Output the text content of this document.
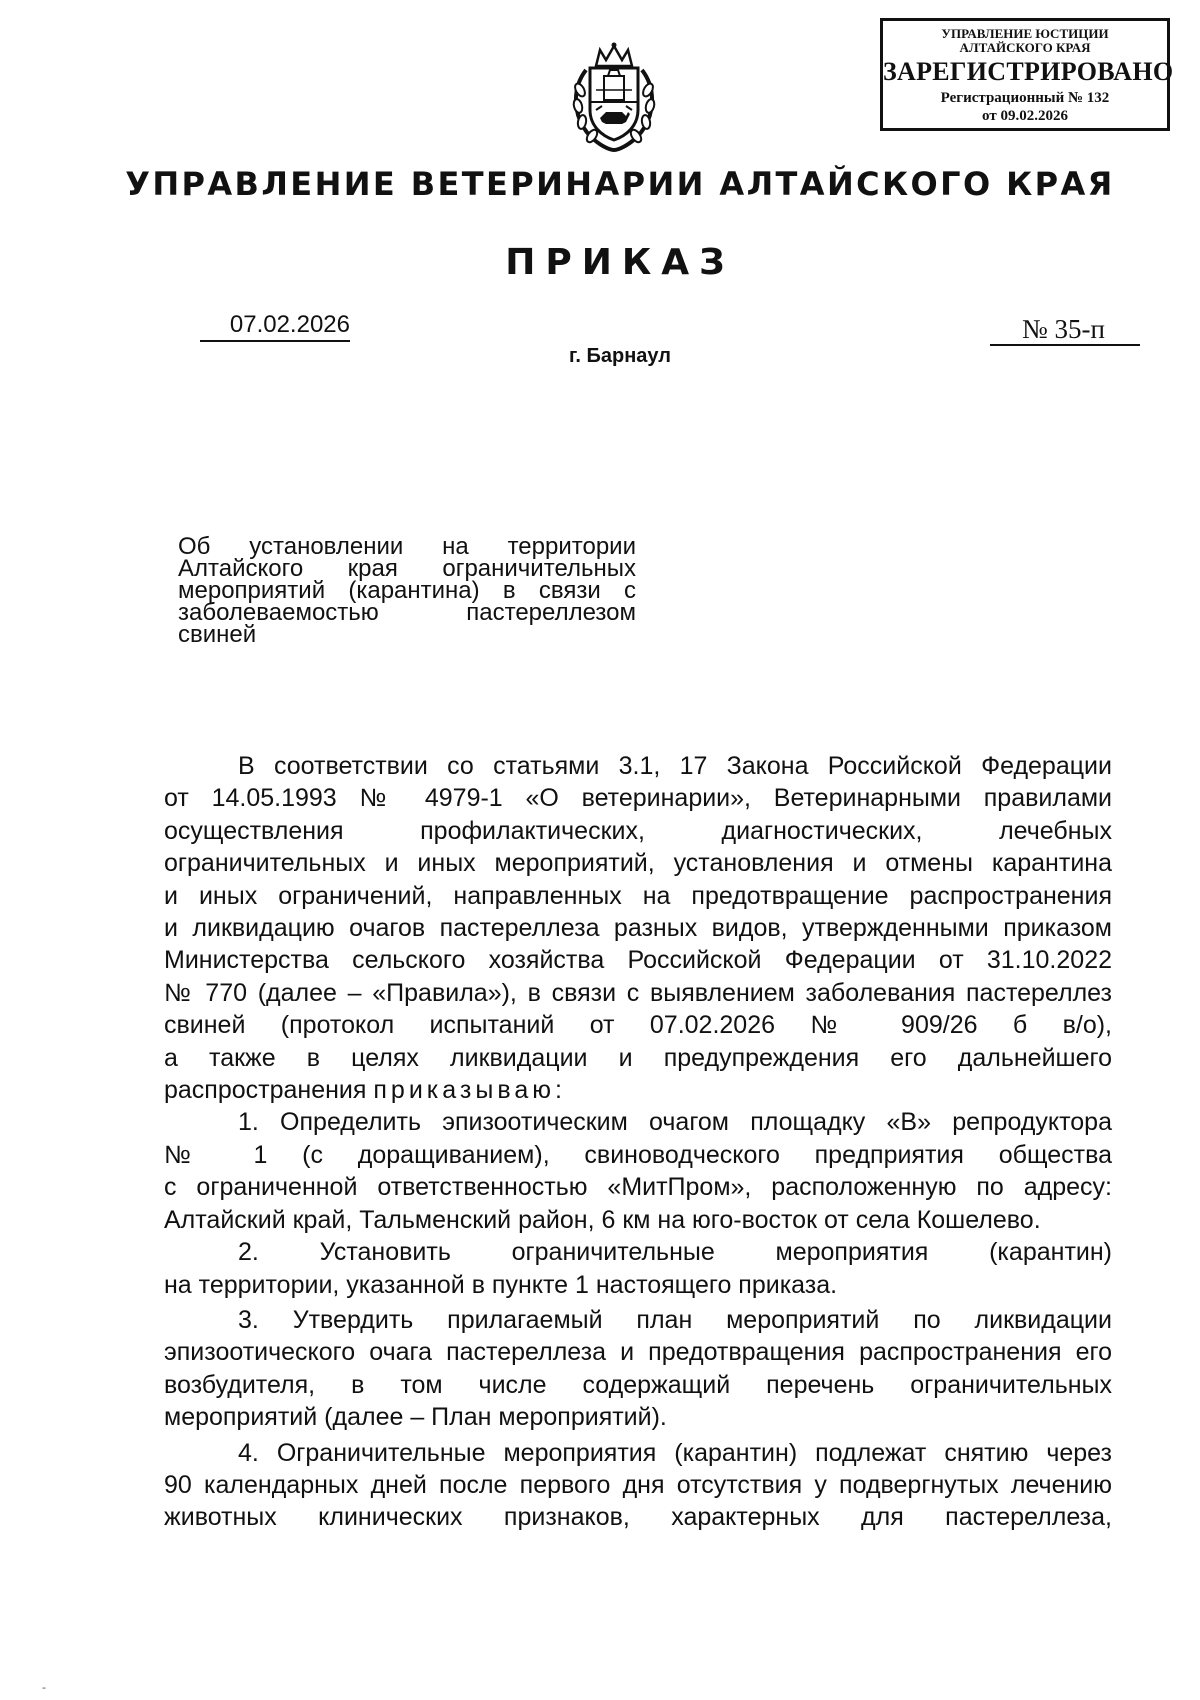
УПРАВЛЕНИЕ ЮСТИЦИИ
АЛТАЙСКОГО КРАЯ
ЗАРЕГИСТРИРОВАНО
Регистрационный № 132
от 09.02.2026
УПРАВЛЕНИЕ ВЕТЕРИНАРИИ АЛТАЙСКОГО КРАЯ
ПРИКАЗ
07.02.2026	№ 35-п
г. Барнаул
Об установлении на территории
Алтайского края ограничительных
мероприятий (карантина) в связи с
заболеваемостью пастереллезом
свиней
В соответствии со статьями 3.1, 17 Закона Российской Федерации
от 14.05.1993 № 4979-1 «О ветеринарии», Ветеринарными правилами
осуществления профилактических, диагностических, лечебных
ограничительных и иных мероприятий, установления и отмены карантина
и иных ограничений, направленных на предотвращение распространения
и ликвидацию очагов пастереллеза разных видов, утвержденными приказом
Министерства сельского хозяйства Российской Федерации от 31.10.2022
№ 770 (далее – «Правила»), в связи с выявлением заболевания пастереллез
свиней (протокол испытаний от 07.02.2026 № 909/26 б в/о),
а также в целях ликвидации и предупреждения его дальнейшего
распространения приказываю:
1. Определить эпизоотическим очагом площадку «В» репродуктора
№ 1 (с доращиванием), свиноводческого предприятия общества
с ограниченной ответственностью «МитПром», расположенную по адресу:
Алтайский край, Тальменский район, 6 км на юго-восток от села Кошелево.
2. Установить ограничительные мероприятия (карантин)
на территории, указанной в пункте 1 настоящего приказа.
3. Утвердить прилагаемый план мероприятий по ликвидации
эпизоотического очага пастереллеза и предотвращения распространения его
возбудителя, в том числе содержащий перечень ограничительных
мероприятий (далее – План мероприятий).
4. Ограничительные мероприятия (карантин) подлежат снятию через
90 календарных дней после первого дня отсутствия у подвергнутых лечению
животных клинических признаков, характерных для пастереллеза,
-
